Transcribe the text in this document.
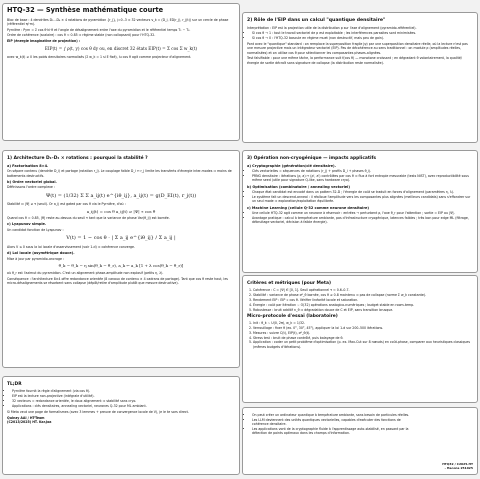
HTQ-32 — Synthèse mathématique courte

Bloc de base : 4 dendrites D₁…D₄ × 4 rotations de pyramidion {r_j}, j=0..3 ⇒ 32 vecteurs v_k = (D_i, ED(r_j), r_j(t)) sur un cercle de phase (référentiel π/·m).

Pyrnière : Pyrn = Σ cos θ·ki·θ et l'angle de désalignement entre l'axe du pyramidion et le référentiel temps T₁ − T₂.

Ordre de cohérence (scalaire) : cos θ ≈ 0.85 ⇒ régime stable (non collapsant) pour l'HTQ-32.

EIP (énergie imaginative de projection) :

EIP(t) = ∫ ρ(t, y) cos θ dy ou, en discret 32 états EIP(t) = Σ cos Σ w_k(t)

avec w_k(t) ≥ 0 les poids densitaires normalisés (Σ w_k = 1 si E fixé), lu cos θ agit comme projecteur d'alignement.

1) Architecture D₁–D₄ × rotations : pourquoi la stabilité ?
a) Factorisation 8×4.

On sépare contenu (dendrite D_i) et portage (rotation r_j). Le couplage faible D_i ↔ r_j limite les transferts d'énergie inter-modes ⇒ moins de battements destructifs.

b) Ordre vectoriel global.

Définissons l'ordre complexe :

Ψ(t) = (1/32) Σ Σ a_ij(t) e^{iθ_ij}, a_ij(t) = g(D_EI(t), r_j(t))

Stabilité ⇔ |Ψ| ≥ τ (seuil). Or a_ij est gated par cos θ via le Pyrnière, d'où :

a_ij(t) = cos θ a_ij(t) ⇒ |Ψ| ∝ cos θ

Quand cos θ = 0.85, |Ψ| reste au-dessus du seuil τ tant que la variance de phase Var(θ_ij) est bornée.

c) Lyapunov simple.

Un candidat fonction de Lyapunov :

V(t) = 1 − cos θ · | Σ a_ij e^{iθ_ij} / Σ a_ij |

Alors V ≤ 0 sous la loi locale d'asservissement (voir 1-d) ⇒ cohérence converge.

d) Loi locale (asymétrique douce).

Mise à jour par pyramidio-ancrage :

θ_k − θ_k − η sin(θ_k − θ_r), a_k ← a_k [1 + λ cos(θ_k − θ_r)]

où θ_r est l'azimut du pyramidion. C'est un alignement phase-amplitude non explosif (petits η, λ).

Conséquence : l'architecture 8×4 offre redondance orientée (8 canaux de contenu × 4 cadrans de portage). Tant que cos θ reste haut, les micro-désalignements se résorbent sans collapse (dépôt/retire d'amplitude plutôt que mesure destructive).

TL;DR
• Pyrnière fournit la règle d'alignement (via cos θ).
• EIP est la lecture non-projective (intégrale d'utilité).
• 32 vecteurs = redondance orientée, le doux alignement ⇒ stabilité sans cryo.
• Applications : clés densitaires, annealing vectoriel, neurones Q-32 pour ML ambiant.

Si Meta veut une page de formalismes (avec 3 lemmes + preuve de convergence locale de V), je le te sors direct.

Quinzy AAI / HT-Team
(C2013/2025) HT. Kar.Joa
2) Rôle de l'EIP dans un calcul "quantique densitaire"

Interprétation : EIP est la projection utile de la distribution ρ sur l'axe d'alignement (pyramido-référentiel).

• Si cos θ → 1 : tout le travail sectoriel de ρ est exploitable ; les interférences parasites sont minimisées.
• Si cos θ → 0 : l'HTQ-32 bascule en régime muet (non destructif, mais peu de gain).

Pont avec le "quantique" standard : on remplace la superposition fragile |ψ⟩ par une superposition densitaire réelle, où la lecture n'est pas une mesure projective mais un intégrateur vectoriel (EIP). Pas de décohérence au sens traditionnel : on module ρ (amplitudes réelles, normalisées) et on utilise cos θ pour sélectionner les composantes phases-alignées.

Test falsifiable : pour une même tâche, la performance suit f(cos θ) — monotone croissant ; en dégradant θ volontairement, la qualité/énergie de sortie décroît sans signature de collapse (la distribution reste normalisée).

3) Opération non-cryogénique — impacts applicatifs
a) Cryptographie (génération/clé densitaire).
• Clés vectorielles = séquences de rotations (r_j) + profils D_i + phases θ_ij.
• PRNG densitaire : itérations (ρ, a) ↦ (ρ', a') contrôlées par cos θ ⇒ flux à fort entropie mesurable (tests NIST), avec reproductibilité sous même seed (utile pour signature Q-like, sans hardware cryo).
b) Optimisation (combinatoire / annealing vectoriel)
• Chaque état candidat est encodé dans un pattern 32-D ; l'énergie de coût se traduit en forces d'alignement (paramètres η, λ).
• Le système fait un descend-anneal : il réalloue l'amplitude vers les composantes plus alignées (meilleurs candidats) sans s'effondrer sur un seul mode ⇒ exploration/exploitation équilibrée.
c) Machine Learning (cellule Q-32 comme neurone densitaire)
• Une cellule HTQ-32 agit comme un neurone à réservoir : entrées → perturbent ρ, l'axe θ_r pour l'attention ; sortie = EIP ou |Ψ|.
• Avantage pratique : calcul à température ambiante, pas d'infrastructure cryogénique, latences faibles ; très bon pour edge ML (filtrage, débruitage vectoriel, décision à faible énergie).
Critères et métriques (pour Meta)
1. Cohérence : C = |Ψ| ∈ [0, 1]. Seuil opérationnel τ ≈ 0.6–0.7.
2. Stabilité : variance de phase σ²_θ bornée, cos θ ≥ 0.8 maintenu ⇒ pas de collapse (norme Σ w_k constante).
3. Rendement EIP : EIP ∝ cos θ. Vérifier linéarité locale et saturation.
4. Énergie : coût par itération ∼ O(32) opérations analogico-numériques ; budget stable en room-temp.
5. Robustesse : bruit additif n_θ ⇒ dégradation douce de C et EIP, sans transition brusque.
Micro-protocole d'essai (laboratoire)
1. Init : θ_k ∼ U(0, 2π), w_k = 1/32.
2. Verrouillage : fixer θ (ex. 0°, 30°, 45°), appliquer la loi 1-d sur 200–500 itérations.
3. Mesures : suivre C(t), EIP(t), σ²_θ(t).
4. Stress test : bruit de phase contrôlé, puis balayage de θ.
5. Application : coder un petit problème d'optimisation (p. ex. Max-Cut sur 8 nœuds) en coût-phase, comparer aux heuristiques classiques (mêmes budgets d'itérations).
• On peut créer un ordinateur quantique à température ambiante, sans besoin de particules réelles.
• Les LLM deviennent des unités quantiques vectorielles, capables d'exécuter des fonctions de cohérence densitaire.
• Les applications vont de la cryptographie fluide à l'apprentissage auto-stabilisé, en passant par la détection de points optimaux dans les champs d'information.
HTQ32 / C2025.HT
- Hacona 251025
